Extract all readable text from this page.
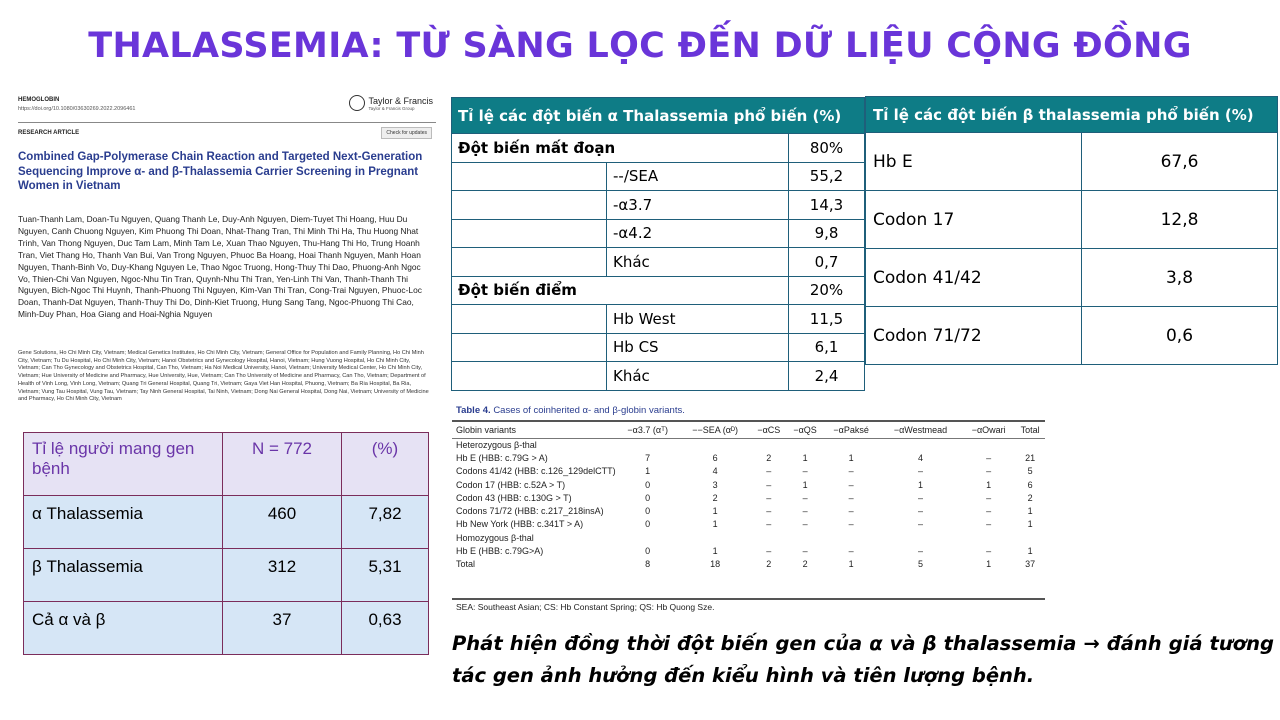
THALASSEMIA: TỪ SÀNG LỌC ĐẾN DỮ LIỆU CỘNG ĐỒNG
HEMOGLOBIN
https://doi.org/10.1080/03630269.2022.2096461
Taylor & Francis
Taylor & Francis Group
RESEARCH ARTICLE	Check for updates
Combined Gap-Polymerase Chain Reaction and Targeted Next-Generation Sequencing Improve α- and β-Thalassemia Carrier Screening in Pregnant Women in Vietnam
Tuan-Thanh Lam, Doan-Tu Nguyen, Quang Thanh Le, Duy-Anh Nguyen, Diem-Tuyet Thi Hoang, Huu Du Nguyen, Canh Chuong Nguyen, Kim Phuong Thi Doan, Nhat-Thang Tran, Thi Minh Thi Ha, Thu Huong Nhat Trinh, Van Thong Nguyen, Duc Tam Lam, Minh Tam Le, Xuan Thao Nguyen, Thu-Hang Thi Ho, Trung Hoanh Tran, Viet Thang Ho, Thanh Van Bui, Van Trong Nguyen, Phuoc Ba Hoang, Hoai Thanh Nguyen, Manh Hoan Nguyen, Thanh-Binh Vo, Duy-Khang Nguyen Le, Thao Ngoc Truong, Hong-Thuy Thi Dao, Phuong-Anh Ngoc Vo, Thien-Chi Van Nguyen, Ngoc-Nhu Tin Tran, Quynh-Nhu Thi Tran, Yen-Linh Thi Van, Thanh-Thanh Thi Nguyen, Bich-Ngoc Thi Huynh, Thanh-Phuong Thi Nguyen, Kim-Van Thi Tran, Cong-Trai Nguyen, Phuoc-Loc Doan, Thanh-Dat Nguyen, Thanh-Thuy Thi Do, Dinh-Kiet Truong, Hung Sang Tang, Ngoc-Phuong Thi Cao, Minh-Duy Phan, Hoa Giang and Hoai-Nghia Nguyen
Gene Solutions, Ho Chi Minh City, Vietnam; Medical Genetics Institutes, Ho Chi Minh City, Vietnam; General Office for Population and Family Planning, Ho Chi Minh City, Vietnam; Tu Du Hospital, Ho Chi Minh City, Vietnam; Hanoi Obstetrics and Gynecology Hospital, Hanoi, Vietnam; Hung Vuong Hospital, Ho Chi Minh City, Vietnam; Can Tho Gynecology and Obstetrics Hospital, Can Tho, Vietnam; Ha Noi Medical University, Hanoi, Vietnam; University Medical Center, Ho Chi Minh City, Vietnam; Hue University of Medicine and Pharmacy, Hue University, Hue, Vietnam; Can Tho University of Medicine and Pharmacy, Can Tho, Vietnam; Department of Health of Vinh Long, Vinh Long, Vietnam; Quang Tri General Hospital, Quang Tri, Vietnam; Gaya Viet Han Hospital, Phuong, Vietnam; Ba Ria Hospital, Ba Ria, Vietnam; Vung Tau Hospital, Vung Tau, Vietnam; Tay Ninh General Hospital, Tai Ninh, Vietnam; Dong Nai General Hospital, Dong Nai, Vietnam; University of Medicine and Pharmacy, Ho Chi Minh City, Vietnam
Tỉ lệ các đột biến α Thalassemia phổ biến (%)		
Đột biến mất đoạn		80%
	--/SEA	55,2
	-α3.7	14,3
	-α4.2	9,8
	Khác	0,7
Đột biến điểm		20%
	Hb West	11,5
	Hb CS	6,1
	Khác	2,4
Tỉ lệ các đột biến β thalassemia phổ biến (%)	
Hb E	67,6
Codon 17	12,8
Codon 41/42	3,8
Codon 71/72	0,6
Tỉ lệ người mang gen bệnh	N = 772	(%)
α Thalassemia	460	7,82
β Thalassemia	312	5,31
Cả α và β	37	0,63
Table 4. Cases of coinherited α- and β-globin variants.
Globin variants	−α3.7 (αᵀ)	−−SEA (αᴰ)	−αCS	−αQS	−αPaksé	−αWestmead	−αOwari	Total
Heterozygous β-thal								
Hb E (HBB: c.79G > A)	7	6	2	1	1	4	–	21
Codons 41/42 (HBB: c.126_129delCTT)	1	4	–	–	–	–	–	5
Codon 17 (HBB: c.52A > T)	0	3	–	1	–	1	1	6
Codon 43 (HBB: c.130G > T)	0	2	–	–	–	–	–	2
Codons 71/72 (HBB: c.217_218insA)	0	1	–	–	–	–	–	1
Hb New York (HBB: c.341T > A)	0	1	–	–	–	–	–	1
Homozygous β-thal								
Hb E (HBB: c.79G>A)	0	1	–	–	–	–	–	1
Total	8	18	2	2	1	5	1	37
SEA: Southeast Asian; CS: Hb Constant Spring; QS: Hb Quong Sze.
Phát hiện đồng thời đột biến gen của α và β thalassemia → đánh giá tương tác gen ảnh hưởng đến kiểu hình và tiên lượng bệnh.
